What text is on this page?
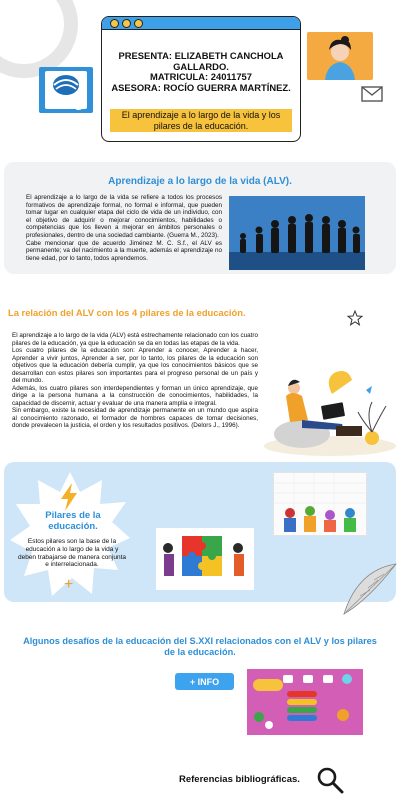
uveg
PRESENTA: ELIZABETH CANCHOLA GALLARDO.
MATRICULA: 24011757
ASESORA: ROCÍO GUERRA MARTÍNEZ.
El aprendizaje a lo largo de la vida y los pilares de la educación.
Aprendizaje a lo largo de la vida (ALV).
El aprendizaje a lo largo de la vida se refiere a todos los procesos formativos de aprendizaje formal, no formal e informal, que pueden tomar lugar en cualquier etapa del ciclo de vida de un individuo, con el objetivo de adquirir o mejorar conocimientos, habilidades o competencias que los lleven a mejorar en ámbitos personales o profesionales, dentro de una sociedad cambiante. (Guerra M., 2023).
Cabe mencionar que de acuerdo Jiménez M. C. S.f., el ALV es permanente; va del nacimiento a la muerte, además el aprendizaje no tiene edad, por lo tanto, todos aprendemos.
La relación del ALV con los 4 pilares de la educación.
El aprendizaje a lo largo de la vida (ALV) está estrechamente relacionado con los cuatro pilares de la educación, ya que la educación se da en todas las etapas de la vida.
Los cuatro pilares de la educación son: Aprender a conocer, Aprender a hacer, Aprender a vivir juntos, Aprender a ser, por lo tanto, los pilares de la educación son objetivos que la educación debería cumplir, ya que los conocimientos básicos que se desarrollan con estos pilares son importantes para el progreso personal de un país y del mundo.
Además, los cuatro pilares son interdependientes y forman un único aprendizaje, que dirige a la persona humana a la construcción de conocimientos, habilidades, la capacidad de discernir, actuar y evaluar de una manera amplia e integral.
Sin embargo, existe la necesidad de aprendizaje permanente en un mundo que aspira al conocimiento razonado, el formador de hombres capaces de tomar decisiones, donde prevalecen la justicia, el orden y los resultados positivos. (Delors J., 1996).
Pilares de la educación.
Estos pilares son la base de la educación a lo largo de la vida y deben trabajarse de manera conjunta e interrelacionada.
+
Algunos desafíos de la educación del S.XXI relacionados con el ALV y los pilares de la educación.
+ INFO
Referencias bibliográficas.
